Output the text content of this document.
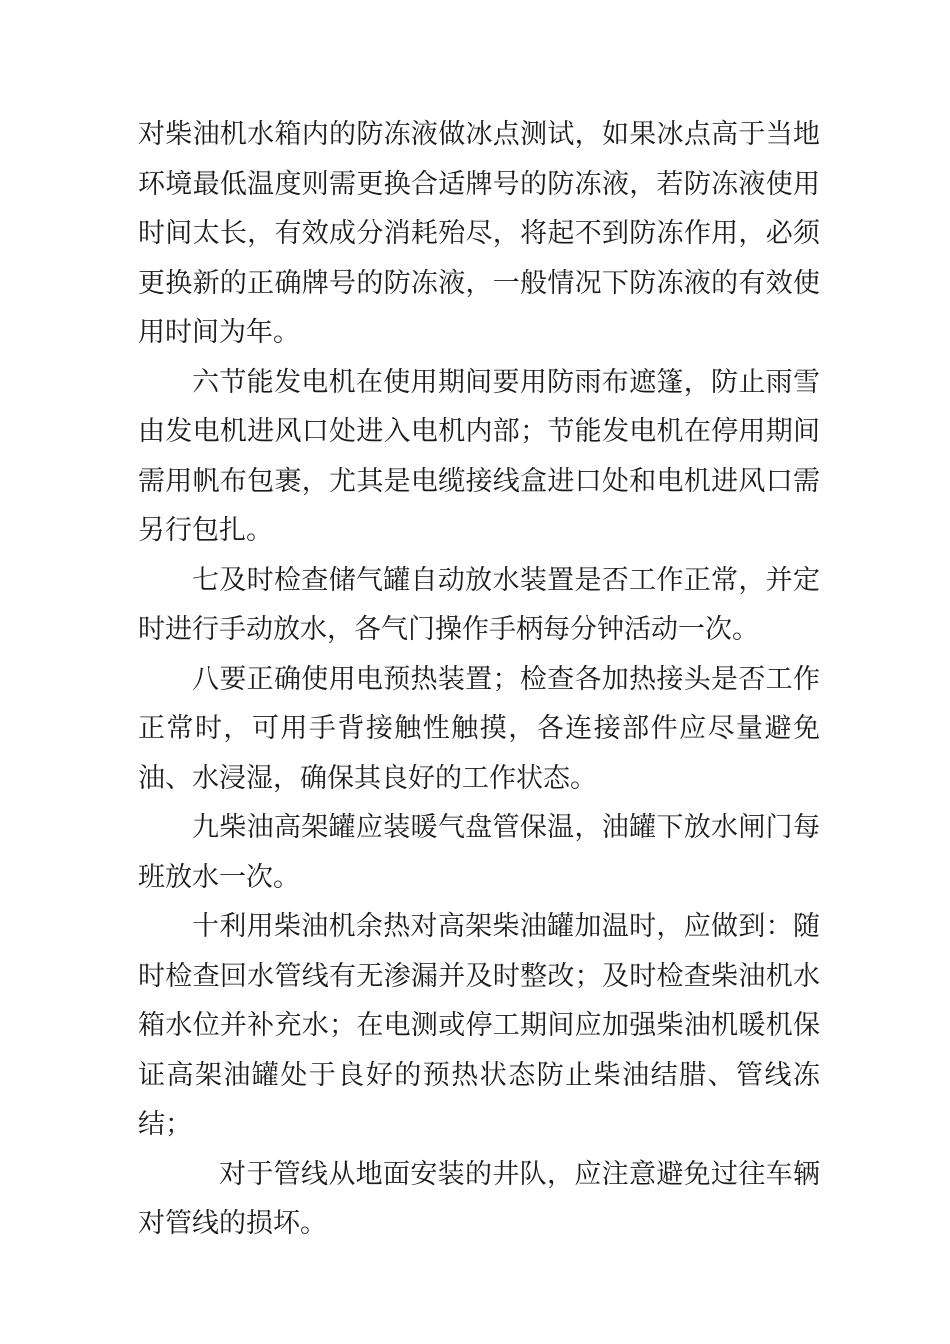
对柴油机水箱内的防冻液做冰点测试，如果冰点高于当地环境最低温度则需更换合适牌号的防冻液，若防冻液使用时间太长，有效成分消耗殆尽，将起不到防冻作用，必须更换新的正确牌号的防冻液，一般情况下防冻液的有效使用时间为年。

六节能发电机在使用期间要用防雨布遮篷，防止雨雪由发电机进风口处进入电机内部；节能发电机在停用期间需用帆布包裹，尤其是电缆接线盒进口处和电机进风口需另行包扎。

七及时检查储气罐自动放水装置是否工作正常，并定时进行手动放水，各气门操作手柄每分钟活动一次。

八要正确使用电预热装置；检查各加热接头是否工作正常时，可用手背接触性触摸，各连接部件应尽量避免油、水浸湿，确保其良好的工作状态。

九柴油高架罐应装暖气盘管保温，油罐下放水闸门每班放水一次。

十利用柴油机余热对高架柴油罐加温时，应做到：随时检查回水管线有无渗漏并及时整改；及时检查柴油机水箱水位并补充水；在电测或停工期间应加强柴油机暖机保证高架油罐处于良好的预热状态防止柴油结腊、管线冻结；

对于管线从地面安装的井队，应注意避免过往车辆对管线的损坏。
